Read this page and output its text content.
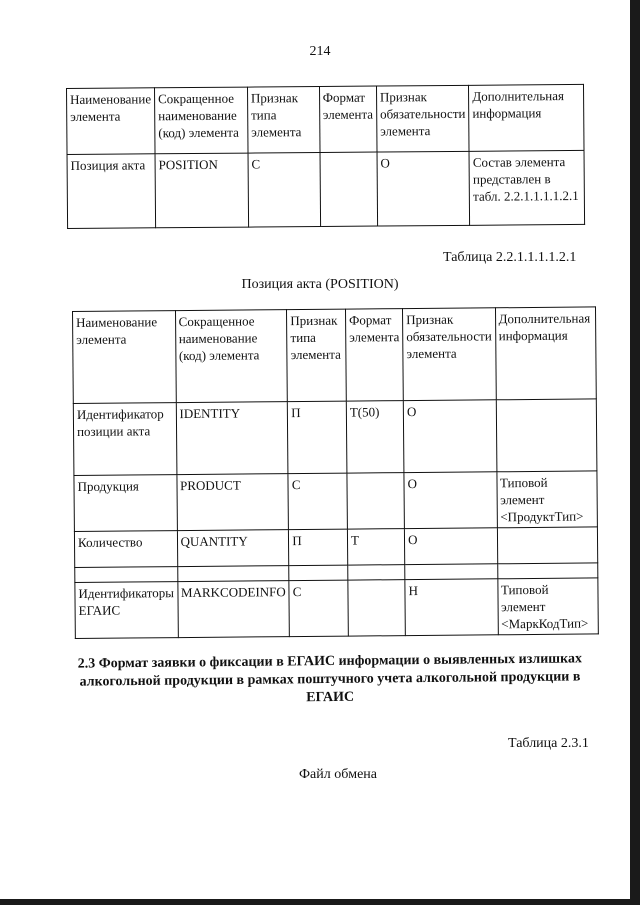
214
Наименование элемента	Сокращенное наименование (код) элемента	Признак типа элемента	Формат элемента	Признак обязательности элемента	Дополнительная информация
Позиция акта	POSITION	С		О	Состав элемента представлен в табл. 2.2.1.1.1.1.2.1
Таблица 2.2.1.1.1.1.2.1
Позиция акта (POSITION)
Наименование элемента	Сокращенное наименование (код) элемента	Признак типа элемента	Формат элемента	Признак обязательности элемента	Дополнительная информация
Идентификатор позиции акта	IDENTITY	П	Т(50)	О	
Продукция	PRODUCT	С		О	Типовой элемент <ПродуктТип>
Количество	QUANTITY	П	Т	О	

Идентификаторы ЕГАИС	MARKCODEINFO	С		Н	Типовой элемент <МаркКодТип>
2.3 Формат заявки о фиксации в ЕГАИС информации о выявленных излишках алкогольной продукции в рамках поштучного учета алкогольной продукции в ЕГАИС
Таблица 2.3.1
Файл обмена
